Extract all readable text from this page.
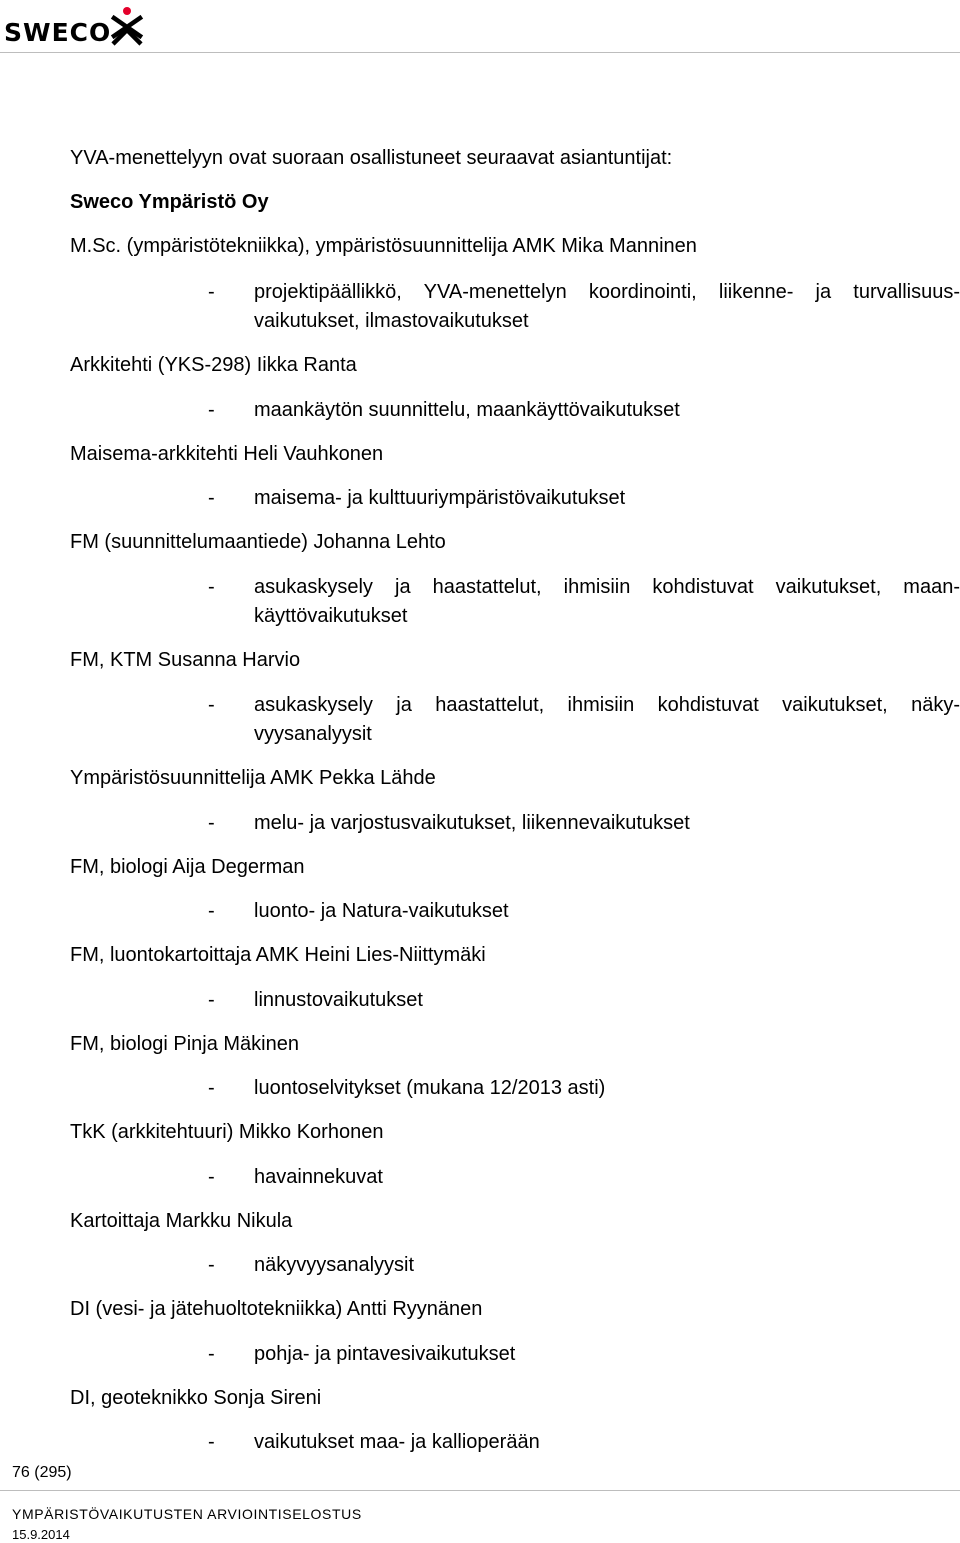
SWECO
YVA-menettelyyn ovat suoraan osallistuneet seuraavat asiantuntijat:
Sweco Ympäristö Oy
M.Sc. (ympäristötekniikka), ympäristösuunnittelija AMK Mika Manninen
- projektipäällikkö, YVA-menettelyn koordinointi, liikenne- ja turvallisuus-vaikutukset, ilmastovaikutukset
Arkkitehti (YKS-298) Iikka Ranta
- maankäytön suunnittelu, maankäyttövaikutukset
Maisema-arkkitehti Heli Vauhkonen
- maisema- ja kulttuuriympäristövaikutukset
FM (suunnittelumaantiede) Johanna Lehto
- asukaskysely ja haastattelut, ihmisiin kohdistuvat vaikutukset, maan-käyttövaikutukset
FM, KTM Susanna Harvio
- asukaskysely ja haastattelut, ihmisiin kohdistuvat vaikutukset, näky-vyysanalyysit
Ympäristösuunnittelija AMK Pekka Lähde
- melu- ja varjostusvaikutukset, liikennevaikutukset
FM, biologi Aija Degerman
- luonto- ja Natura-vaikutukset
FM, luontokartoittaja AMK Heini Lies-Niittymäki
- linnustovaikutukset
FM, biologi Pinja Mäkinen
- luontoselvitykset (mukana 12/2013 asti)
TkK (arkkitehtuuri) Mikko Korhonen
- havainnekuvat
Kartoittaja Markku Nikula
- näkyvyysanalyysit
DI (vesi- ja jätehuoltotekniikka) Antti Ryynänen
- pohja- ja pintavesivaikutukset
DI, geoteknikko Sonja Sireni
- vaikutukset maa- ja kallioperään
76 (295)
YMPÄRISTÖVAIKUTUSTEN ARVIOINTISELOSTUS
15.9.2014
